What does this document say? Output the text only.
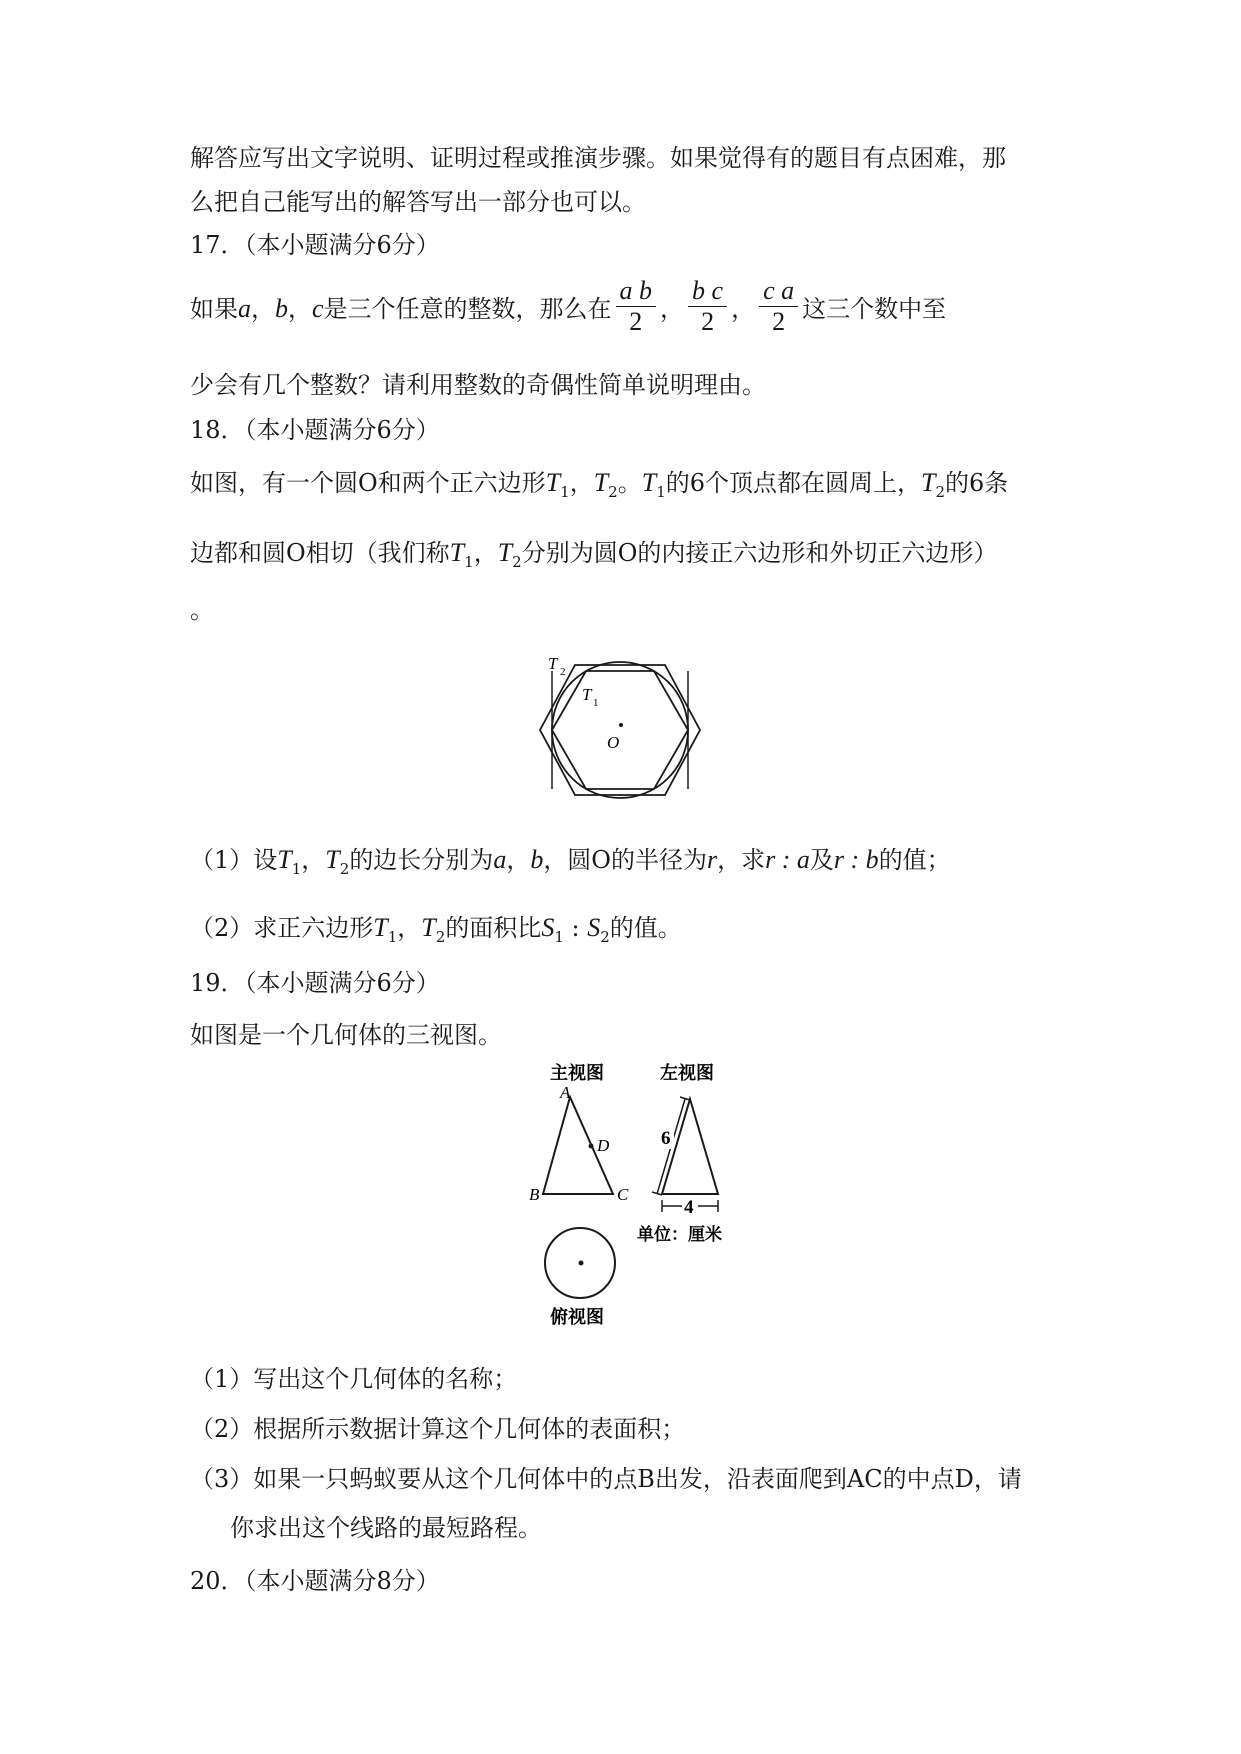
解答应写出文字说明、证明过程或推演步骤。如果觉得有的题目有点困难，那
么把自己能写出的解答写出一部分也可以。
17．（本小题满分6分）
如果a，b，c是三个任意的整数，那么在 $\frac{\text{a b}}{2}$ ， $\frac{\text{b c}}{2}$ ， $\frac{\text{c a}}{2}$ 这三个数中至
少会有几个整数？请利用整数的奇偶性简单说明理由。
18．（本小题满分6分）
如图，有一个圆O和两个正六边形$T_1$，$T_2$。$T_1$的6个顶点都在圆周上，$T_2$的6条
边都和圆O相切（我们称$T_1$，$T_2$分别为圆O的内接正六边形和外切正六边形）
。
T 2
T 1
O
（1）设$T_1$，$T_2$的边长分别为a，b，圆O的半径为r，求r : a及r : b的值；
（2）求正六边形$T_1$，$T_2$的面积比$S_1$ : $S_2$的值。
19．（本小题满分6分）
如图是一个几何体的三视图。
主视图	左视图
A
D
B	C
6
4
单位：厘米
俯视图
（1）写出这个几何体的名称；
（2）根据所示数据计算这个几何体的表面积；
（3）如果一只蚂蚁要从这个几何体中的点B出发，沿表面爬到AC的中点D，请
你求出这个线路的最短路程。
20．（本小题满分8分）
